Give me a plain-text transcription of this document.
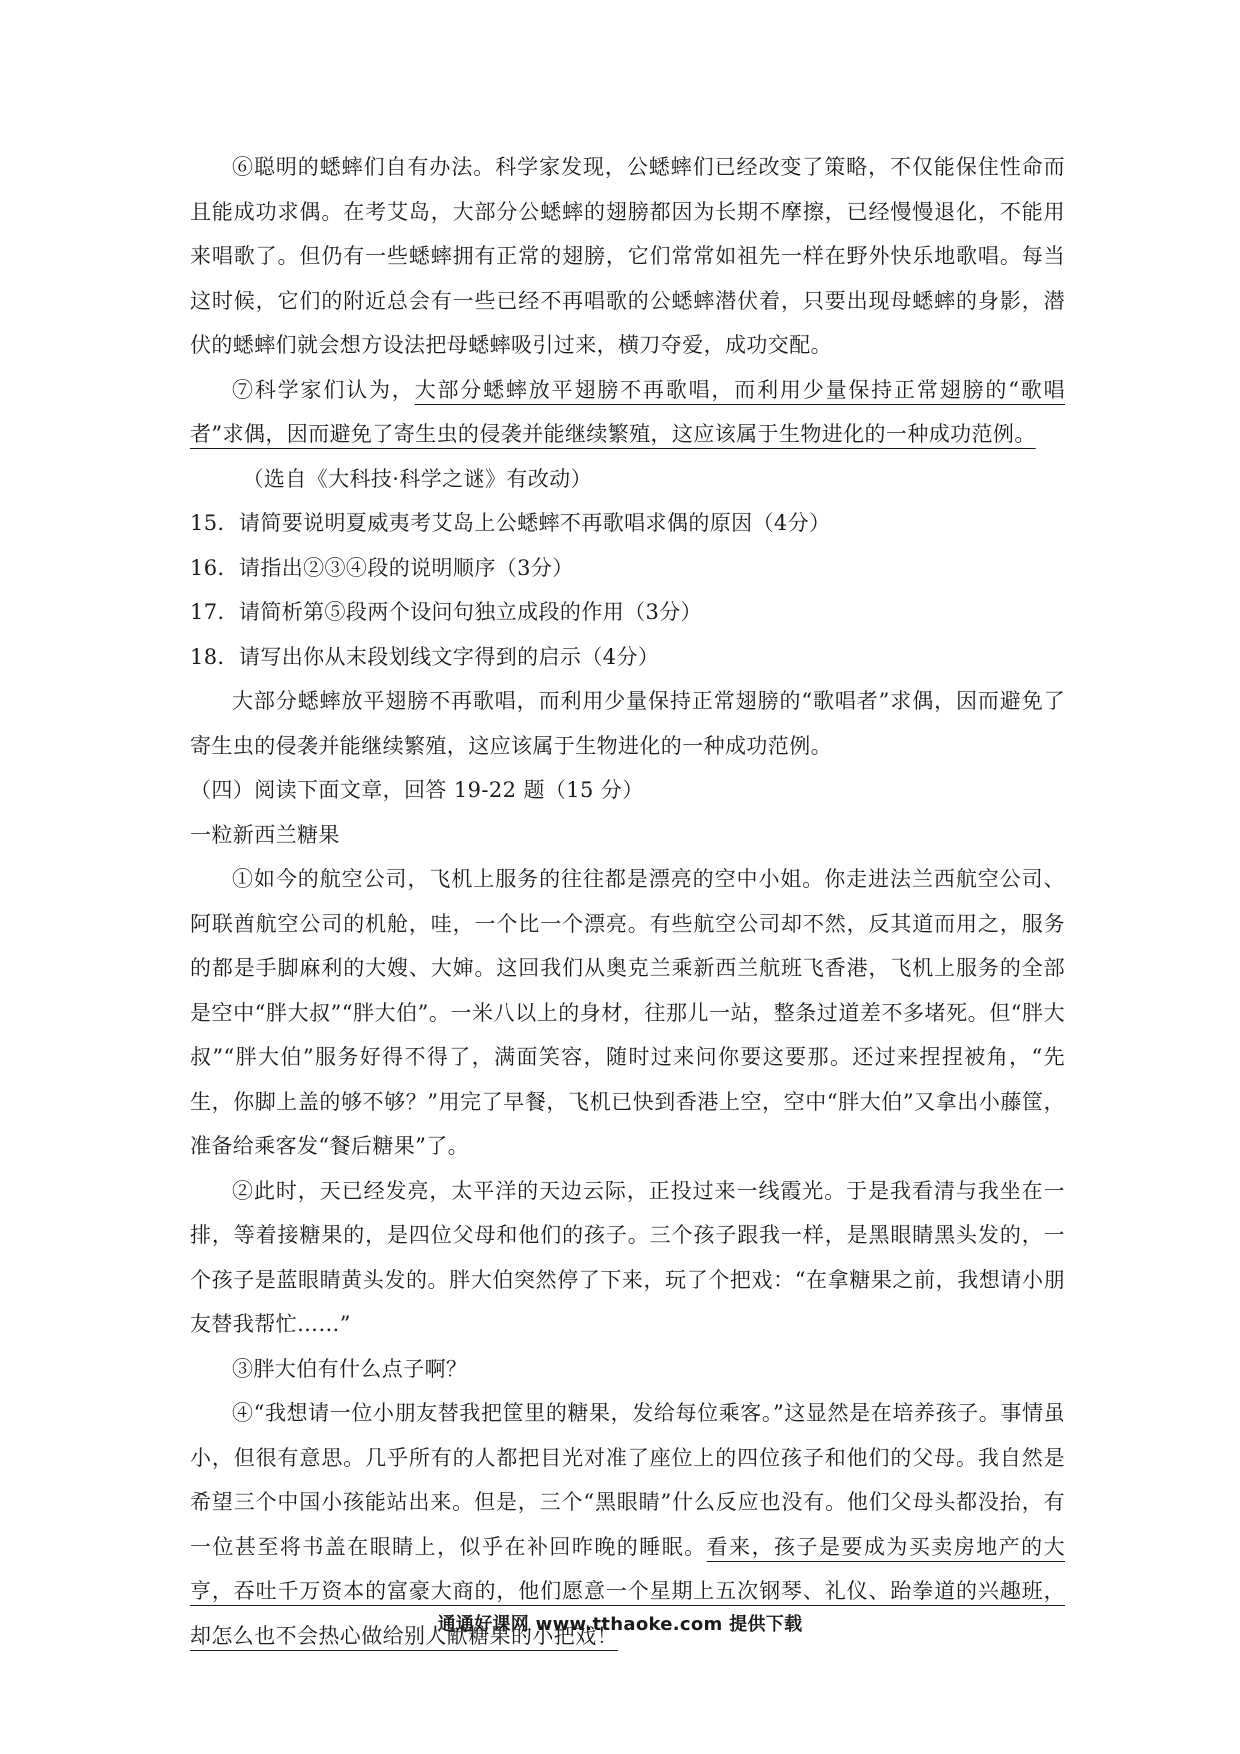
⑥聪明的蟋蟀们自有办法。科学家发现，公蟋蟀们已经改变了策略，不仅能保住性命而且能成功求偶。在考艾岛，大部分公蟋蟀的翅膀都因为长期不摩擦，已经慢慢退化，不能用来唱歌了。但仍有一些蟋蟀拥有正常的翅膀，它们常常如祖先一样在野外快乐地歌唱。每当这时候，它们的附近总会有一些已经不再唱歌的公蟋蟀潜伏着，只要出现母蟋蟀的身影，潜伏的蟋蟀们就会想方设法把母蟋蟀吸引过来，横刀夺爱，成功交配。

⑦科学家们认为，大部分蟋蟀放平翅膀不再歌唱，而利用少量保持正常翅膀的“歌唱者”求偶，因而避免了寄生虫的侵袭并能继续繁殖，这应该属于生物进化的一种成功范例。

（选自《大科技·科学之谜》有改动）

15．请简要说明夏威夷考艾岛上公蟋蟀不再歌唱求偶的原因（4分）

16．请指出②③④段的说明顺序（3分）

17．请简析第⑤段两个设问句独立成段的作用（3分）

18．请写出你从末段划线文字得到的启示（4分）

大部分蟋蟀放平翅膀不再歌唱，而利用少量保持正常翅膀的“歌唱者”求偶，因而避免了寄生虫的侵袭并能继续繁殖，这应该属于生物进化的一种成功范例。

（四）阅读下面文章，回答 19-22 题（15 分）

一粒新西兰糖果

①如今的航空公司，飞机上服务的往往都是漂亮的空中小姐。你走进法兰西航空公司、阿联酋航空公司的机舱，哇，一个比一个漂亮。有些航空公司却不然，反其道而用之，服务的都是手脚麻利的大嫂、大婶。这回我们从奥克兰乘新西兰航班飞香港，飞机上服务的全部是空中“胖大叔”“胖大伯”。一米八以上的身材，往那儿一站，整条过道差不多堵死。但“胖大叔”“胖大伯”服务好得不得了，满面笑容，随时过来问你要这要那。还过来捏捏被角，“先生，你脚上盖的够不够？”用完了早餐，飞机已快到香港上空，空中“胖大伯”又拿出小藤筐，准备给乘客发“餐后糖果”了。

②此时，天已经发亮，太平洋的天边云际，正投过来一线霞光。于是我看清与我坐在一排，等着接糖果的，是四位父母和他们的孩子。三个孩子跟我一样，是黑眼睛黑头发的，一个孩子是蓝眼睛黄头发的。胖大伯突然停了下来，玩了个把戏：“在拿糖果之前，我想请小朋友替我帮忙……”

③胖大伯有什么点子啊？

④“我想请一位小朋友替我把筐里的糖果，发给每位乘客。”这显然是在培养孩子。事情虽小，但很有意思。几乎所有的人都把目光对准了座位上的四位孩子和他们的父母。我自然是希望三个中国小孩能站出来。但是，三个“黑眼睛”什么反应也没有。他们父母头都没抬，有一位甚至将书盖在眼睛上，似乎在补回昨晚的睡眠。看来，孩子是要成为买卖房地产的大亨，吞吐千万资本的富豪大商的，他们愿意一个星期上五次钢琴、礼仪、跆拳道的兴趣班，却怎么也不会热心做给别人献糖果的小把戏！

通通好课网 www.tthaoke.com 提供下载
